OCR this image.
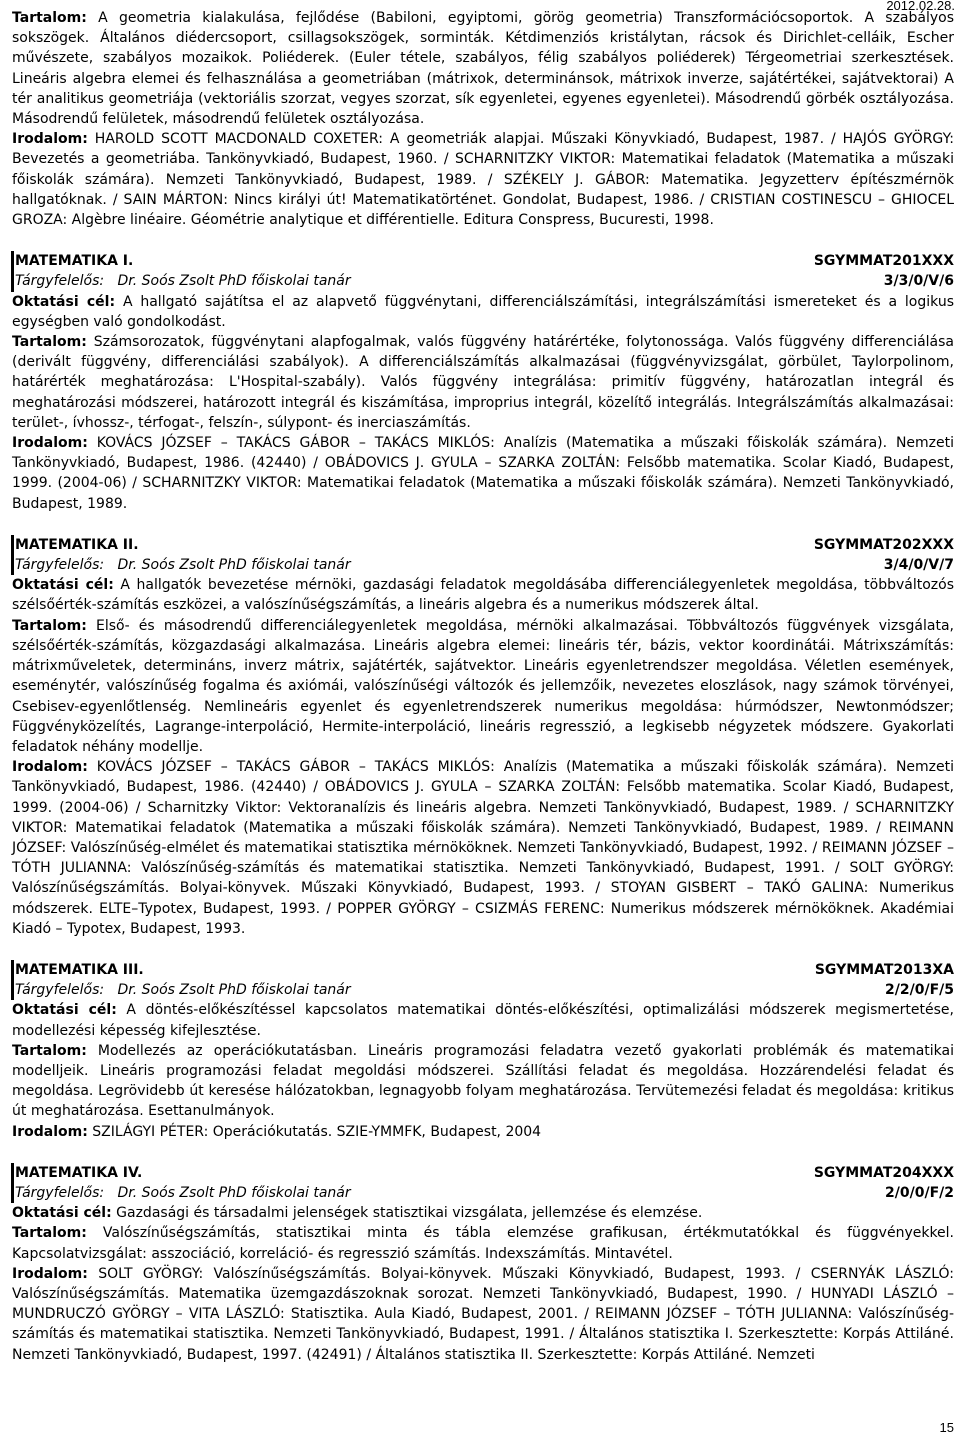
2012.02.28.

Tartalom: A geometria kialakulása, fejlődése (Babiloni, egyiptomi, görög geometria) Transzformációcsoportok. A szabályos sokszögek. Általános diédercsoport, csillagsokszögek, sorminták. Kétdimenziós kristálytan, rácsok és Dirichlet-celláik, Escher művészete, szabályos mozaikok. Poliéderek. (Euler tétele, szabályos, félig szabályos poliéderek) Térgeometriai szerkesztések. Lineáris algebra elemei és felhasználása a geometriában (mátrixok, determinánsok, mátrixok inverze, sajátértékei, sajátvektorai) A tér analitikus geometriája (vektoriális szorzat, vegyes szorzat, sík egyenletei, egyenes egyenletei). Másodrendű görbék osztályozása. Másodrendű felületek, másodrendű felületek osztályozása.

Irodalom: HAROLD SCOTT MACDONALD COXETER: A geometriák alapjai. Műszaki Könyvkiadó, Budapest, 1987. / HAJÓS GYÖRGY: Bevezetés a geometriába. Tankönyvkiadó, Budapest, 1960. / SCHARNITZKY VIKTOR: Matematikai feladatok (Matematika a műszaki főiskolák számára). Nemzeti Tankönyvkiadó, Budapest, 1989. / SZÉKELY J. GÁBOR: Matematika. Jegyzetterv építészmérnök hallgatóknak. / SAIN MÁRTON: Nincs királyi út! Matematikatörténet. Gondolat, Budapest, 1986. / CRISTIAN COSTINESCU – GHIOCEL GROZA: Algèbre linéaire. Géométrie analytique et différentielle. Editura Conspress, Bucuresti, 1998.

MATEMATIKA I.	SGYMMAT201XXX
Tárgyfelelős: Dr. Soós Zsolt PhD főiskolai tanár	3/3/0/V/6

Oktatási cél: A hallgató sajátítsa el az alapvető függvénytani, differenciálszámítási, integrálszámítási ismereteket és a logikus egységben való gondolkodást.

Tartalom: Számsorozatok, függvénytani alapfogalmak, valós függvény határértéke, folytonossága. Valós függvény differenciálása (derivált függvény, differenciálási szabályok). A differenciálszámítás alkalmazásai (függvényvizsgálat, görbület, Taylorpolinom, határérték meghatározása: L'Hospital-szabály). Valós függvény integrálása: primitív függvény, határozatlan integrál és meghatározási módszerei, határozott integrál és kiszámítása, improprius integrál, közelítő integrálás. Integrálszámítás alkalmazásai: terület-, ívhossz-, térfogat-, felszín-, súlypont- és inerciaszámítás.

Irodalom: KOVÁCS JÓZSEF – TAKÁCS GÁBOR – TAKÁCS MIKLÓS: Analízis (Matematika a műszaki főiskolák számára). Nemzeti Tankönyvkiadó, Budapest, 1986. (42440) / OBÁDOVICS J. GYULA – SZARKA ZOLTÁN: Felsőbb matematika. Scolar Kiadó, Budapest, 1999. (2004-06) / SCHARNITZKY VIKTOR: Matematikai feladatok (Matematika a műszaki főiskolák számára). Nemzeti Tankönyvkiadó, Budapest, 1989.

MATEMATIKA II.	SGYMMAT202XXX
Tárgyfelelős: Dr. Soós Zsolt PhD főiskolai tanár	3/4/0/V/7

Oktatási cél: A hallgatók bevezetése mérnöki, gazdasági feladatok megoldásába differenciálegyenletek megoldása, többváltozós szélsőérték-számítás eszközei, a valószínűségszámítás, a lineáris algebra és a numerikus módszerek által.

Tartalom: Első- és másodrendű differenciálegyenletek megoldása, mérnöki alkalmazásai. Többváltozós függvények vizsgálata, szélsőérték-számítás, közgazdasági alkalmazása. Lineáris algebra elemei: lineáris tér, bázis, vektor koordinátái. Mátrixszámítás: mátrixműveletek, determináns, inverz mátrix, sajátérték, sajátvektor. Lineáris egyenletrendszer megoldása. Véletlen események, eseménytér, valószínűség fogalma és axiómái, valószínűségi változók és jellemzőik, nevezetes eloszlások, nagy számok törvényei, Csebisev-egyenlőtlenség. Nemlineáris egyenlet és egyenletrendszerek numerikus megoldása: húrmódszer, Newtonmódszer; Függvényközelítés, Lagrange-interpoláció, Hermite-interpoláció, lineáris regresszió, a legkisebb négyzetek módszere. Gyakorlati feladatok néhány modellje.

Irodalom: KOVÁCS JÓZSEF – TAKÁCS GÁBOR – TAKÁCS MIKLÓS: Analízis (Matematika a műszaki főiskolák számára). Nemzeti Tankönyvkiadó, Budapest, 1986. (42440) / OBÁDOVICS J. GYULA – SZARKA ZOLTÁN: Felsőbb matematika. Scolar Kiadó, Budapest, 1999. (2004-06) / Scharnitzky Viktor: Vektoranalízis és lineáris algebra. Nemzeti Tankönyvkiadó, Budapest, 1989. / SCHARNITZKY VIKTOR: Matematikai feladatok (Matematika a műszaki főiskolák számára). Nemzeti Tankönyvkiadó, Budapest, 1989. / REIMANN JÓZSEF: Valószínűség-elmélet és matematikai statisztika mérnököknek. Nemzeti Tankönyvkiadó, Budapest, 1992. / REIMANN JÓZSEF – TÓTH JULIANNA: Valószínűség-számítás és matematikai statisztika. Nemzeti Tankönyvkiadó, Budapest, 1991. / SOLT GYÖRGY: Valószínűségszámítás. Bolyai-könyvek. Műszaki Könyvkiadó, Budapest, 1993. / STOYAN GISBERT – TAKÓ GALINA: Numerikus módszerek. ELTE–Typotex, Budapest, 1993. / POPPER GYÖRGY – CSIZMÁS FERENC: Numerikus módszerek mérnököknek. Akadémiai Kiadó – Typotex, Budapest, 1993.

MATEMATIKA III.	SGYMMAT2013XA
Tárgyfelelős: Dr. Soós Zsolt PhD főiskolai tanár	2/2/0/F/5

Oktatási cél: A döntés-előkészítéssel kapcsolatos matematikai döntés-előkészítési, optimalizálási módszerek megismertetése, modellezési képesség kifejlesztése.

Tartalom: Modellezés az operációkutatásban. Lineáris programozási feladatra vezető gyakorlati problémák és matematikai modelljeik. Lineáris programozási feladat megoldási módszerei. Szállítási feladat és megoldása. Hozzárendelési feladat és megoldása. Legrövidebb út keresése hálózatokban, legnagyobb folyam meghatározása. Tervütemezési feladat és megoldása: kritikus út meghatározása. Esettanulmányok.

Irodalom: SZILÁGYI PÉTER: Operációkutatás. SZIE-YMMFK, Budapest, 2004

MATEMATIKA IV.	SGYMMAT204XXX
Tárgyfelelős: Dr. Soós Zsolt PhD főiskolai tanár	2/0/0/F/2

Oktatási cél: Gazdasági és társadalmi jelenségek statisztikai vizsgálata, jellemzése és elemzése.

Tartalom: Valószínűségszámítás, statisztikai minta és tábla elemzése grafikusan, értékmutatókkal és függvényekkel. Kapcsolatvizsgálat: asszociáció, korreláció- és regresszió számítás. Indexszámítás. Mintavétel.

Irodalom: SOLT GYÖRGY: Valószínűségszámítás. Bolyai-könyvek. Műszaki Könyvkiadó, Budapest, 1993. / CSERNYÁK LÁSZLÓ: Valószínűségszámítás. Matematika üzemgazdászoknak sorozat. Nemzeti Tankönyvkiadó, Budapest, 1990. / HUNYADI LÁSZLÓ – MUNDRUCZÓ GYÖRGY – VITA LÁSZLÓ: Statisztika. Aula Kiadó, Budapest, 2001. / REIMANN JÓZSEF – TÓTH JULIANNA: Valószínűség-számítás és matematikai statisztika. Nemzeti Tankönyvkiadó, Budapest, 1991. / Általános statisztika I. Szerkesztette: Korpás Attiláné. Nemzeti Tankönyvkiadó, Budapest, 1997. (42491) / Általános statisztika II. Szerkesztette: Korpás Attiláné. Nemzeti

15
